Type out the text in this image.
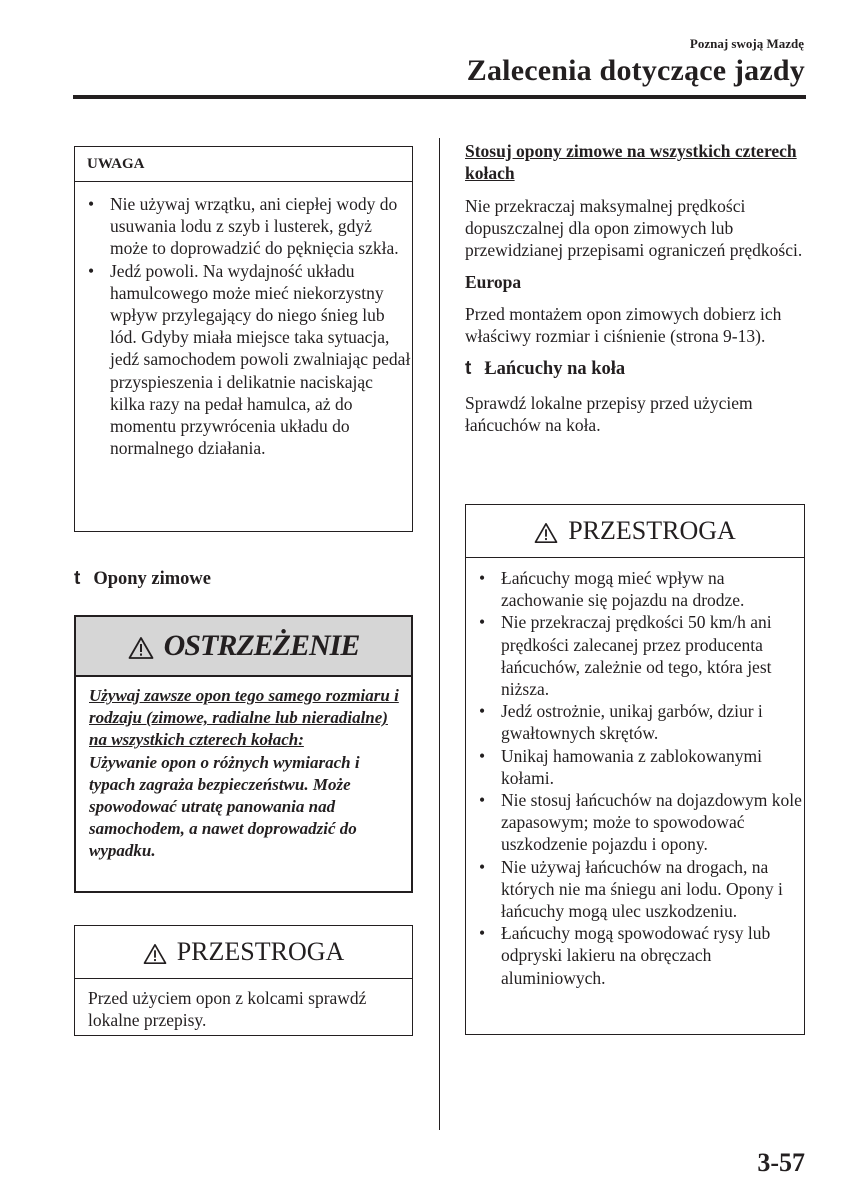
Poznaj swoją Mazdę
Zalecenia dotyczące jazdy
UWAGA
• Nie używaj wrzątku, ani ciepłej wody do usuwania lodu z szyb i lusterek, gdyż może to doprowadzić do pęknięcia szkła.
• Jedź powoli. Na wydajność układu hamulcowego może mieć niekorzystny wpływ przylegający do niego śnieg lub lód. Gdyby miała miejsce taka sytuacja, jedź samochodem powoli zwalniając pedał przyspieszenia i delikatnie naciskając kilka razy na pedał hamulca, aż do momentu przywrócenia układu do normalnego działania.
t Opony zimowe
OSTRZEŻENIE
Używaj zawsze opon tego samego rozmiaru i rodzaju (zimowe, radialne lub nieradialne) na wszystkich czterech kołach:
Używanie opon o różnych wymiarach i typach zagraża bezpieczeństwu. Może spowodować utratę panowania nad samochodem, a nawet doprowadzić do wypadku.
PRZESTROGA
Przed użyciem opon z kolcami sprawdź lokalne przepisy.
Stosuj opony zimowe na wszystkich czterech kołach

Nie przekraczaj maksymalnej prędkości dopuszczalnej dla opon zimowych lub przewidzianej przepisami ograniczeń prędkości.

Europa

Przed montażem opon zimowych dobierz ich właściwy rozmiar i ciśnienie (strona 9-13).

t Łańcuchy na koła

Sprawdź lokalne przepisy przed użyciem łańcuchów na koła.

PRZESTROGA
• Łańcuchy mogą mieć wpływ na zachowanie się pojazdu na drodze.
• Nie przekraczaj prędkości 50 km/h ani prędkości zalecanej przez producenta łańcuchów, zależnie od tego, która jest niższa.
• Jedź ostrożnie, unikaj garbów, dziur i gwałtownych skrętów.
• Unikaj hamowania z zablokowanymi kołami.
• Nie stosuj łańcuchów na dojazdowym kole zapasowym; może to spowodować uszkodzenie pojazdu i opony.
• Nie używaj łańcuchów na drogach, na których nie ma śniegu ani lodu. Opony i łańcuchy mogą ulec uszkodzeniu.
• Łańcuchy mogą spowodować rysy lub odpryski lakieru na obręczach aluminiowych.
3-57
